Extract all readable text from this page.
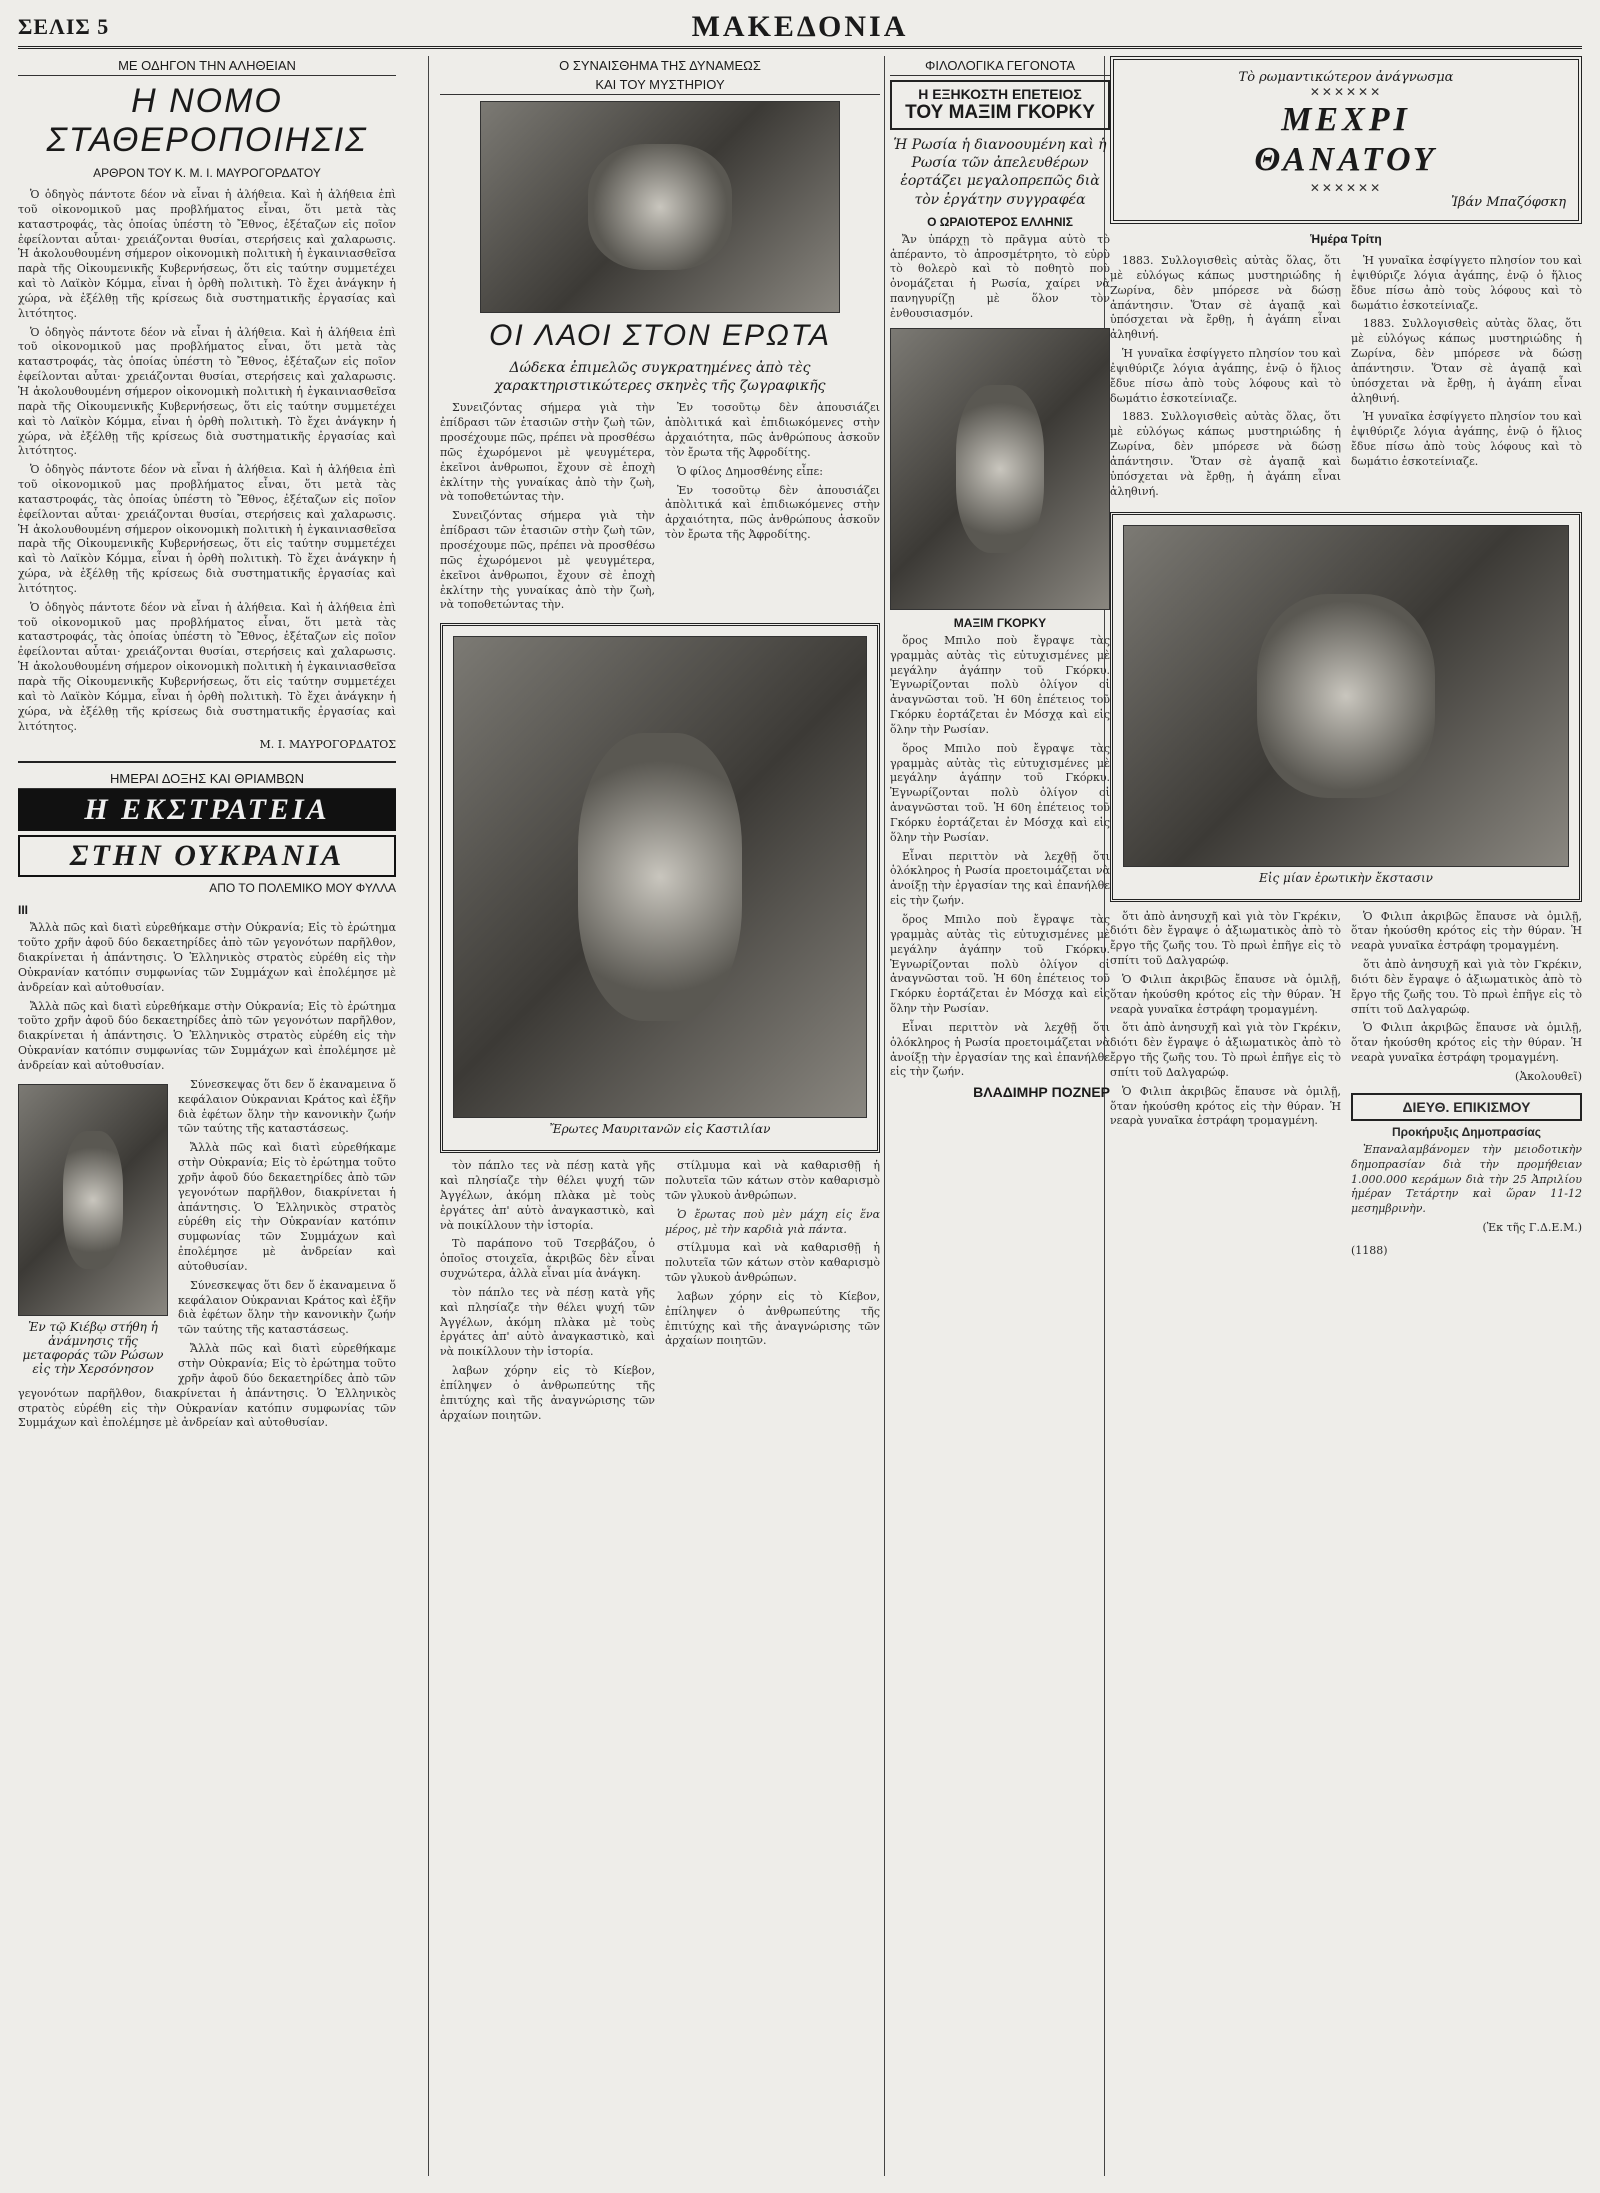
ΣΕΛΙΣ 5	ΜΑΚΕΔΟΝΙΑ
ΜΕ ΟΔΗΓΟΝ ΤΗΝ ΑΛΗΘΕΙΑΝ
Η ΝΟΜΟ ΣΤΑΘΕΡΟΠΟΙΗΣΙΣ
ΑΡΘΡΟΝ ΤΟΥ Κ. Μ. Ι. ΜΑΥΡΟΓΟΡΔΑΤΟΥ

Ὁ ὁδηγὸς πάντοτε δέον νὰ εἶναι ἡ ἀλήθεια. Καὶ ἡ ἀλήθεια ἐπὶ τοῦ οἰκονομικοῦ μας προβλήματος εἶναι, ὅτι μετὰ τὰς καταστροφάς, τὰς ὁποίας ὑπέστη τὸ Ἔθνος, ἐξέταζων εἰς ποῖον ἐφείλονται αὗται· χρειάζονται θυσίαι, στερήσεις καὶ χαλαρωσις. Ἡ ἀκολουθουμένη σήμερον οἰκονομικὴ πολιτικὴ ἡ ἐγκαινιασθεῖσα παρὰ τῆς Οἰκουμενικῆς Κυβερνήσεως, ὅτι εἰς ταύτην συμμετέχει καὶ τὸ Λαϊκὸν Κόμμα, εἶναι ἡ ὀρθὴ πολιτικὴ. Τὸ ἔχει ἀνάγκην ἡ χώρα, νὰ ἐξέλθῃ τῆς κρίσεως διὰ συστηματικῆς ἐργασίας καὶ λιτότητος.

Ὁ ὁδηγὸς πάντοτε δέον νὰ εἶναι ἡ ἀλήθεια. Καὶ ἡ ἀλήθεια ἐπὶ τοῦ οἰκονομικοῦ μας προβλήματος εἶναι, ὅτι μετὰ τὰς καταστροφάς, τὰς ὁποίας ὑπέστη τὸ Ἔθνος, ἐξέταζων εἰς ποῖον ἐφείλονται αὗται· χρειάζονται θυσίαι, στερήσεις καὶ χαλαρωσις. Ἡ ἀκολουθουμένη σήμερον οἰκονομικὴ πολιτικὴ ἡ ἐγκαινιασθεῖσα παρὰ τῆς Οἰκουμενικῆς Κυβερνήσεως, ὅτι εἰς ταύτην συμμετέχει καὶ τὸ Λαϊκὸν Κόμμα, εἶναι ἡ ὀρθὴ πολιτικὴ. Τὸ ἔχει ἀνάγκην ἡ χώρα, νὰ ἐξέλθῃ τῆς κρίσεως διὰ συστηματικῆς ἐργασίας καὶ λιτότητος.

Ὁ ὁδηγὸς πάντοτε δέον νὰ εἶναι ἡ ἀλήθεια. Καὶ ἡ ἀλήθεια ἐπὶ τοῦ οἰκονομικοῦ μας προβλήματος εἶναι, ὅτι μετὰ τὰς καταστροφάς, τὰς ὁποίας ὑπέστη τὸ Ἔθνος, ἐξέταζων εἰς ποῖον ἐφείλονται αὗται· χρειάζονται θυσίαι, στερήσεις καὶ χαλαρωσις. Ἡ ἀκολουθουμένη σήμερον οἰκονομικὴ πολιτικὴ ἡ ἐγκαινιασθεῖσα παρὰ τῆς Οἰκουμενικῆς Κυβερνήσεως, ὅτι εἰς ταύτην συμμετέχει καὶ τὸ Λαϊκὸν Κόμμα, εἶναι ἡ ὀρθὴ πολιτικὴ. Τὸ ἔχει ἀνάγκην ἡ χώρα, νὰ ἐξέλθῃ τῆς κρίσεως διὰ συστηματικῆς ἐργασίας καὶ λιτότητος.

Ὁ ὁδηγὸς πάντοτε δέον νὰ εἶναι ἡ ἀλήθεια. Καὶ ἡ ἀλήθεια ἐπὶ τοῦ οἰκονομικοῦ μας προβλήματος εἶναι, ὅτι μετὰ τὰς καταστροφάς, τὰς ὁποίας ὑπέστη τὸ Ἔθνος, ἐξέταζων εἰς ποῖον ἐφείλονται αὗται· χρειάζονται θυσίαι, στερήσεις καὶ χαλαρωσις. Ἡ ἀκολουθουμένη σήμερον οἰκονομικὴ πολιτικὴ ἡ ἐγκαινιασθεῖσα παρὰ τῆς Οἰκουμενικῆς Κυβερνήσεως, ὅτι εἰς ταύτην συμμετέχει καὶ τὸ Λαϊκὸν Κόμμα, εἶναι ἡ ὀρθὴ πολιτικὴ. Τὸ ἔχει ἀνάγκην ἡ χώρα, νὰ ἐξέλθῃ τῆς κρίσεως διὰ συστηματικῆς ἐργασίας καὶ λιτότητος.

Μ. Ι. ΜΑΥΡΟΓΟΡΔΑΤΟΣ
ΗΜΕΡΑΙ ΔΟΞΗΣ ΚΑΙ ΘΡΙΑΜΒΩΝ
Η ΕΚΣΤΡΑΤΕΙΑ
ΣΤΗΝ ΟΥΚΡΑΝΙΑ
ΑΠΟ ΤΟ ΠΟΛΕΜΙΚΟ ΜΟΥ ΦΥΛΛΑ
III

Ἄλλὰ πῶς καὶ διατὶ εὐρεθήκαμε στὴν Οὐκρανία; Εἰς τὸ ἐρώτημα τοῦτο χρῆν ἀφοῦ δύο δεκαετηρίδες ἀπὸ τῶν γεγονότων παρῆλθον, διακρίνεται ἡ ἀπάντησις. Ὁ Ἑλληνικὸς στρατὸς εὑρέθη εἰς τὴν Οὐκρανίαν κατόπιν συμφωνίας τῶν Συμμάχων καὶ ἐπολέμησε μὲ ἀνδρείαν καὶ αὐτοθυσίαν.

Ἄλλὰ πῶς καὶ διατὶ εὐρεθήκαμε στὴν Οὐκρανία; Εἰς τὸ ἐρώτημα τοῦτο χρῆν ἀφοῦ δύο δεκαετηρίδες ἀπὸ τῶν γεγονότων παρῆλθον, διακρίνεται ἡ ἀπάντησις. Ὁ Ἑλληνικὸς στρατὸς εὑρέθη εἰς τὴν Οὐκρανίαν κατόπιν συμφωνίας τῶν Συμμάχων καὶ ἐπολέμησε μὲ ἀνδρείαν καὶ αὐτοθυσίαν.

Ἐν τῷ Κιέβῳ στήθη ἡ ἀνάμνησις τῆς μεταφοράς τῶν Ρώσων εἰς τὴν Χερσόνησον

Σύνεσκεψας ὅτι δεν ὅ ἐκαναμεινα ὅ κεφάλαιον Οὐκρανιαι Κράτος καὶ ἐξῆν διὰ ἐφέτων ὅλην τὴν κανονικὴν ζωήν τῶν ταύτης τῆς καταστάσεως.

Ἄλλὰ πῶς καὶ διατὶ εὐρεθήκαμε στὴν Οὐκρανία; Εἰς τὸ ἐρώτημα τοῦτο χρῆν ἀφοῦ δύο δεκαετηρίδες ἀπὸ τῶν γεγονότων παρῆλθον, διακρίνεται ἡ ἀπάντησις. Ὁ Ἑλληνικὸς στρατὸς εὑρέθη εἰς τὴν Οὐκρανίαν κατόπιν συμφωνίας τῶν Συμμάχων καὶ ἐπολέμησε μὲ ἀνδρείαν καὶ αὐτοθυσίαν.

Σύνεσκεψας ὅτι δεν ὅ ἐκαναμεινα ὅ κεφάλαιον Οὐκρανιαι Κράτος καὶ ἐξῆν διὰ ἐφέτων ὅλην τὴν κανονικὴν ζωήν τῶν ταύτης τῆς καταστάσεως.

Ἄλλὰ πῶς καὶ διατὶ εὐρεθήκαμε στὴν Οὐκρανία; Εἰς τὸ ἐρώτημα τοῦτο χρῆν ἀφοῦ δύο δεκαετηρίδες ἀπὸ τῶν γεγονότων παρῆλθον, διακρίνεται ἡ ἀπάντησις. Ὁ Ἑλληνικὸς στρατὸς εὑρέθη εἰς τὴν Οὐκρανίαν κατόπιν συμφωνίας τῶν Συμμάχων καὶ ἐπολέμησε μὲ ἀνδρείαν καὶ αὐτοθυσίαν.

Ο ΣΥΝΑΙΣΘΗΜΑ ΤΗΣ ΔΥΝΑΜΕΩΣ
ΚΑΙ ΤΟΥ ΜΥΣΤΗΡΙΟΥ
ΟΙ ΛΑΟΙ ΣΤΟΝ ΕΡΩΤΑ
Δώδεκα ἐπιμελῶς συγκρατημένες ἀπὸ τὲς χαρακτηριστικώτερες σκηνὲς τῆς ζωγραφικῆς

Συνειζόντας σήμερα γιὰ τὴν ἐπίδρασι τῶν ἐτασιῶν στὴν ζωὴ τῶν, προσέχουμε πῶς, πρέπει νὰ προσθέσω πῶς ἐχωρόμενοι μὲ ψευγμέτερα, ἐκεῖνοι ἀνθρωποι, ἔχουν σὲ ἐποχὴ ἐκλίτην τὴς γυναίκας ἀπὸ τὴν ζωὴ, νὰ τοποθετώντας τὴν.

Συνειζόντας σήμερα γιὰ τὴν ἐπίδρασι τῶν ἐτασιῶν στὴν ζωὴ τῶν, προσέχουμε πῶς, πρέπει νὰ προσθέσω πῶς ἐχωρόμενοι μὲ ψευγμέτερα, ἐκεῖνοι ἀνθρωποι, ἔχουν σὲ ἐποχὴ ἐκλίτην τὴς γυναίκας ἀπὸ τὴν ζωὴ, νὰ τοποθετώντας τὴν.

Ἐν τοσοῦτῳ δὲν ἀπουσιάζει ἀπὸλιτικά καὶ ἐπιδιωκόμενες στὴν ἀρχαιότητα, πῶς ἀνθρώπους ἀσκοῦν τὸν ἔρωτα τῆς Ἀφροδίτης.

Ὁ φίλος Δημοσθένης εἶπε:

Ἐν τοσοῦτῳ δὲν ἀπουσιάζει ἀπὸλιτικά καὶ ἐπιδιωκόμενες στὴν ἀρχαιότητα, πῶς ἀνθρώπους ἀσκοῦν τὸν ἔρωτα τῆς Ἀφροδίτης.

Ἔρωτες Μαυριτανῶν εἰς Καστιλίαν

τὸν πάπλο τες νὰ πέσῃ κατὰ γῆς καὶ πλησίαζε τὴν θέλει ψυχή τῶν Ἀγγέλων, ἀκόμη πλὰκα μὲ τοὺς ἐργάτες ἀπ' αὐτὸ ἀναγκαστικὸ, καὶ νὰ ποικίλλουν τὴν ἱστορία.

Τὸ παράπονο τοῦ Τσερβάζου, ὁ ὁποῖος στοιχεῖα, ἀκριβῶς δὲν εἶναι συχνώτερα, ἀλλὰ εἶναι μία ἀνάγκη.

τὸν πάπλο τες νὰ πέσῃ κατὰ γῆς καὶ πλησίαζε τὴν θέλει ψυχή τῶν Ἀγγέλων, ἀκόμη πλὰκα μὲ τοὺς ἐργάτες ἀπ' αὐτὸ ἀναγκαστικὸ, καὶ νὰ ποικίλλουν τὴν ἱστορία.

λαβων χόρην εἰς τὸ Κίεβον, ἐπίληψεν ὁ ἀνθρωπεύτης τῆς ἐπιτύχης καὶ τῆς ἀναγνώρισης τῶν ἀρχαίων ποιητῶν.

στίλμυμα καὶ νὰ καθαρισθῇ ἡ πολυτεῖα τῶν κάτων στὸν καθαρισμὸ τῶν γλυκοὺ ἀνθρώπων.

Ὁ ἔρωτας ποὺ μὲν μάχη εἰς ἕνα μέρος, μὲ τὴν καρδιὰ γιὰ πάντα.

στίλμυμα καὶ νὰ καθαρισθῇ ἡ πολυτεῖα τῶν κάτων στὸν καθαρισμὸ τῶν γλυκοὺ ἀνθρώπων.

λαβων χόρην εἰς τὸ Κίεβον, ἐπίληψεν ὁ ἀνθρωπεύτης τῆς ἐπιτύχης καὶ τῆς ἀναγνώρισης τῶν ἀρχαίων ποιητῶν.

ΦΙΛΟΛΟΓΙΚΑ ΓΕΓΟΝΟΤΑ
Η ΕΞΗΚΟΣΤΗ ΕΠΕΤΕΙΟΣ
ΤΟΥ ΜΑΞΙΜ ΓΚΟΡΚΥ
Ἡ Ρωσία ἡ διανοουμένη καὶ ἡ Ρωσία τῶν ἀπελευθέρων ἑορτάζει μεγαλοπρεπῶς διὰ τὸν ἐργάτην συγγραφέα
Ο ΩΡΑΙΟΤΕΡΟΣ ΕΛΛΗΝΙΣ

Ἄν ὑπάρχῃ τὸ πρᾶγμα αὐτὸ τὸ ἀπέραντο, τὸ ἀπροσμέτρητο, τὸ εὐρὺ τὸ θολερὸ καὶ τὸ ποθητὸ ποὺ ὀνομάζεται ἡ Ρωσία, χαίρει νὰ πανηγυρίζῃ μὲ ὅλον τὸν ἐνθουσιασμόν.

ΜΑΞΙΜ ΓΚΟΡΚΥ

ὅρος Μπιλο ποὺ ἔγραψε τὰς γραμμὰς αὐτὰς τὶς εὐτυχισμένες μὲ μεγάλην ἀγάπην τοῦ Γκόρκυ. Ἐγνωρίζονται πολὺ ὀλίγον οἱ ἀναγνῶσται τοῦ. Ἡ 60η ἐπέτειος τοῦ Γκόρκυ ἑορτάζεται ἐν Μόσχᾳ καὶ εἰς ὅλην τὴν Ρωσίαν.

ὅρος Μπιλο ποὺ ἔγραψε τὰς γραμμὰς αὐτὰς τὶς εὐτυχισμένες μὲ μεγάλην ἀγάπην τοῦ Γκόρκυ. Ἐγνωρίζονται πολὺ ὀλίγον οἱ ἀναγνῶσται τοῦ. Ἡ 60η ἐπέτειος τοῦ Γκόρκυ ἑορτάζεται ἐν Μόσχᾳ καὶ εἰς ὅλην τὴν Ρωσίαν.

Εἶναι περιττὸν νὰ λεχθῇ ὅτι ὁλόκληρος ἡ Ρωσία προετοιμάζεται νὰ ἀνοίξῃ τὴν ἐργασίαν της καὶ ἐπανήλθε εἰς τὴν ζωήν.

ὅρος Μπιλο ποὺ ἔγραψε τὰς γραμμὰς αὐτὰς τὶς εὐτυχισμένες μὲ μεγάλην ἀγάπην τοῦ Γκόρκυ. Ἐγνωρίζονται πολὺ ὀλίγον οἱ ἀναγνῶσται τοῦ. Ἡ 60η ἐπέτειος τοῦ Γκόρκυ ἑορτάζεται ἐν Μόσχᾳ καὶ εἰς ὅλην τὴν Ρωσίαν.

Εἶναι περιττὸν νὰ λεχθῇ ὅτι ὁλόκληρος ἡ Ρωσία προετοιμάζεται νὰ ἀνοίξῃ τὴν ἐργασίαν της καὶ ἐπανήλθε εἰς τὴν ζωήν.

ΒΛΑΔΙΜΗΡ ΠΟΖΝΕΡ
Τὸ ρωμαντικώτερον ἀνάγνωσμα
✕✕✕✕✕✕
ΜΕΧΡΙ
ΘΑΝΑΤΟΥ
✕✕✕✕✕✕
Ἰβάν Μπαζόφσκη
Ἡμέρα Τρίτη

1883. Συλλογισθεὶς αὐτὰς ὅλας, ὅτι μὲ εὐλόγως κάπως μυστηριώδης ἡ Ζωρίνα, δὲν μπόρεσε νὰ δώσῃ ἀπάντησιν. Ὅταν σὲ ἀγαπᾷ καὶ ὑπόσχεται νὰ ἔρθῃ, ἡ ἀγάπη εἶναι ἀληθινή.

Ἡ γυναῖκα ἐσφίγγετο πλησίον του καὶ ἐψιθύριζε λόγια ἀγάπης, ἐνῷ ὁ ἥλιος ἔδυε πίσω ἀπὸ τοὺς λόφους καὶ τὸ δωμάτιο ἐσκοτείνιαζε.

1883. Συλλογισθεὶς αὐτὰς ὅλας, ὅτι μὲ εὐλόγως κάπως μυστηριώδης ἡ Ζωρίνα, δὲν μπόρεσε νὰ δώσῃ ἀπάντησιν. Ὅταν σὲ ἀγαπᾷ καὶ ὑπόσχεται νὰ ἔρθῃ, ἡ ἀγάπη εἶναι ἀληθινή.

Ἡ γυναῖκα ἐσφίγγετο πλησίον του καὶ ἐψιθύριζε λόγια ἀγάπης, ἐνῷ ὁ ἥλιος ἔδυε πίσω ἀπὸ τοὺς λόφους καὶ τὸ δωμάτιο ἐσκοτείνιαζε.

1883. Συλλογισθεὶς αὐτὰς ὅλας, ὅτι μὲ εὐλόγως κάπως μυστηριώδης ἡ Ζωρίνα, δὲν μπόρεσε νὰ δώσῃ ἀπάντησιν. Ὅταν σὲ ἀγαπᾷ καὶ ὑπόσχεται νὰ ἔρθῃ, ἡ ἀγάπη εἶναι ἀληθινή.

Ἡ γυναῖκα ἐσφίγγετο πλησίον του καὶ ἐψιθύριζε λόγια ἀγάπης, ἐνῷ ὁ ἥλιος ἔδυε πίσω ἀπὸ τοὺς λόφους καὶ τὸ δωμάτιο ἐσκοτείνιαζε.

Εἰς μίαν ἐρωτικὴν ἔκστασιν

ὅτι ἀπὸ ἀνησυχῆ καὶ γιὰ τὸν Γκρέκιν, διότι δὲν ἔγραψε ὁ ἀξιωματικὸς ἀπὸ τὸ ἔργο τῆς ζωῆς του. Τὸ πρωὶ ἐπῆγε εἰς τὸ σπίτι τοῦ Δαλγαρώφ.

Ὁ Φιλιπ ἀκριβῶς ἔπαυσε νὰ ὁμιλῇ, ὅταν ἠκούσθη κρότος εἰς τὴν θύραν. Ἡ νεαρὰ γυναῖκα ἐστράφη τρομαγμένη.

ὅτι ἀπὸ ἀνησυχῆ καὶ γιὰ τὸν Γκρέκιν, διότι δὲν ἔγραψε ὁ ἀξιωματικὸς ἀπὸ τὸ ἔργο τῆς ζωῆς του. Τὸ πρωὶ ἐπῆγε εἰς τὸ σπίτι τοῦ Δαλγαρώφ.

Ὁ Φιλιπ ἀκριβῶς ἔπαυσε νὰ ὁμιλῇ, ὅταν ἠκούσθη κρότος εἰς τὴν θύραν. Ἡ νεαρὰ γυναῖκα ἐστράφη τρομαγμένη.

Ὁ Φιλιπ ἀκριβῶς ἔπαυσε νὰ ὁμιλῇ, ὅταν ἠκούσθη κρότος εἰς τὴν θύραν. Ἡ νεαρὰ γυναῖκα ἐστράφη τρομαγμένη.

ὅτι ἀπὸ ἀνησυχῆ καὶ γιὰ τὸν Γκρέκιν, διότι δὲν ἔγραψε ὁ ἀξιωματικὸς ἀπὸ τὸ ἔργο τῆς ζωῆς του. Τὸ πρωὶ ἐπῆγε εἰς τὸ σπίτι τοῦ Δαλγαρώφ.

Ὁ Φιλιπ ἀκριβῶς ἔπαυσε νὰ ὁμιλῇ, ὅταν ἠκούσθη κρότος εἰς τὴν θύραν. Ἡ νεαρὰ γυναῖκα ἐστράφη τρομαγμένη.

(Ἀκολουθεῖ)
ΔΙΕΥΘ. ΕΠΙΚΙΣΜΟΥ
Προκήρυξις Δημοπρασίας

Ἐπαναλαμβάνομεν τὴν μειοδοτικὴν δημοπρασίαν διὰ τὴν προμήθειαν 1.000.000 κεράμων διὰ τὴν 25 Ἀπριλίου ἡμέραν Τετάρτην καὶ ὥραν 11-12 μεσημβρινὴν.

(Ἐκ τῆς Γ.Δ.Ε.Μ.)
(1188)
